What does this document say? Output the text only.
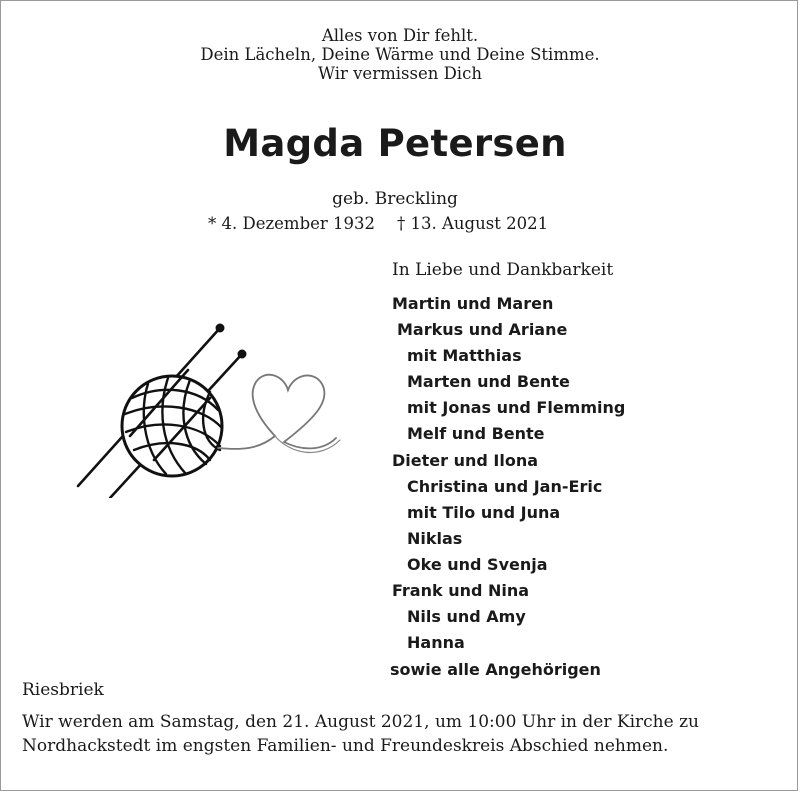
Alles von Dir fehlt.
Dein Lächeln, Deine Wärme und Deine Stimme.
Wir vermissen Dich
Magda Petersen
geb. Breckling
* 4. Dezember 1932 † 13. August 2021
In Liebe und Dankbarkeit
Martin und Maren
Markus und Ariane
mit Matthias
Marten und Bente
mit Jonas und Flemming
Melf und Bente
Dieter und Ilona
Christina und Jan-Eric
mit Tilo und Juna
Niklas
Oke und Svenja
Frank und Nina
Nils und Amy
Hanna
sowie alle Angehörigen
Riesbriek
Wir werden am Samstag, den 21. August 2021, um 10:00 Uhr in der Kirche zu Nordhackstedt im engsten Familien- und Freundeskreis Abschied nehmen.
